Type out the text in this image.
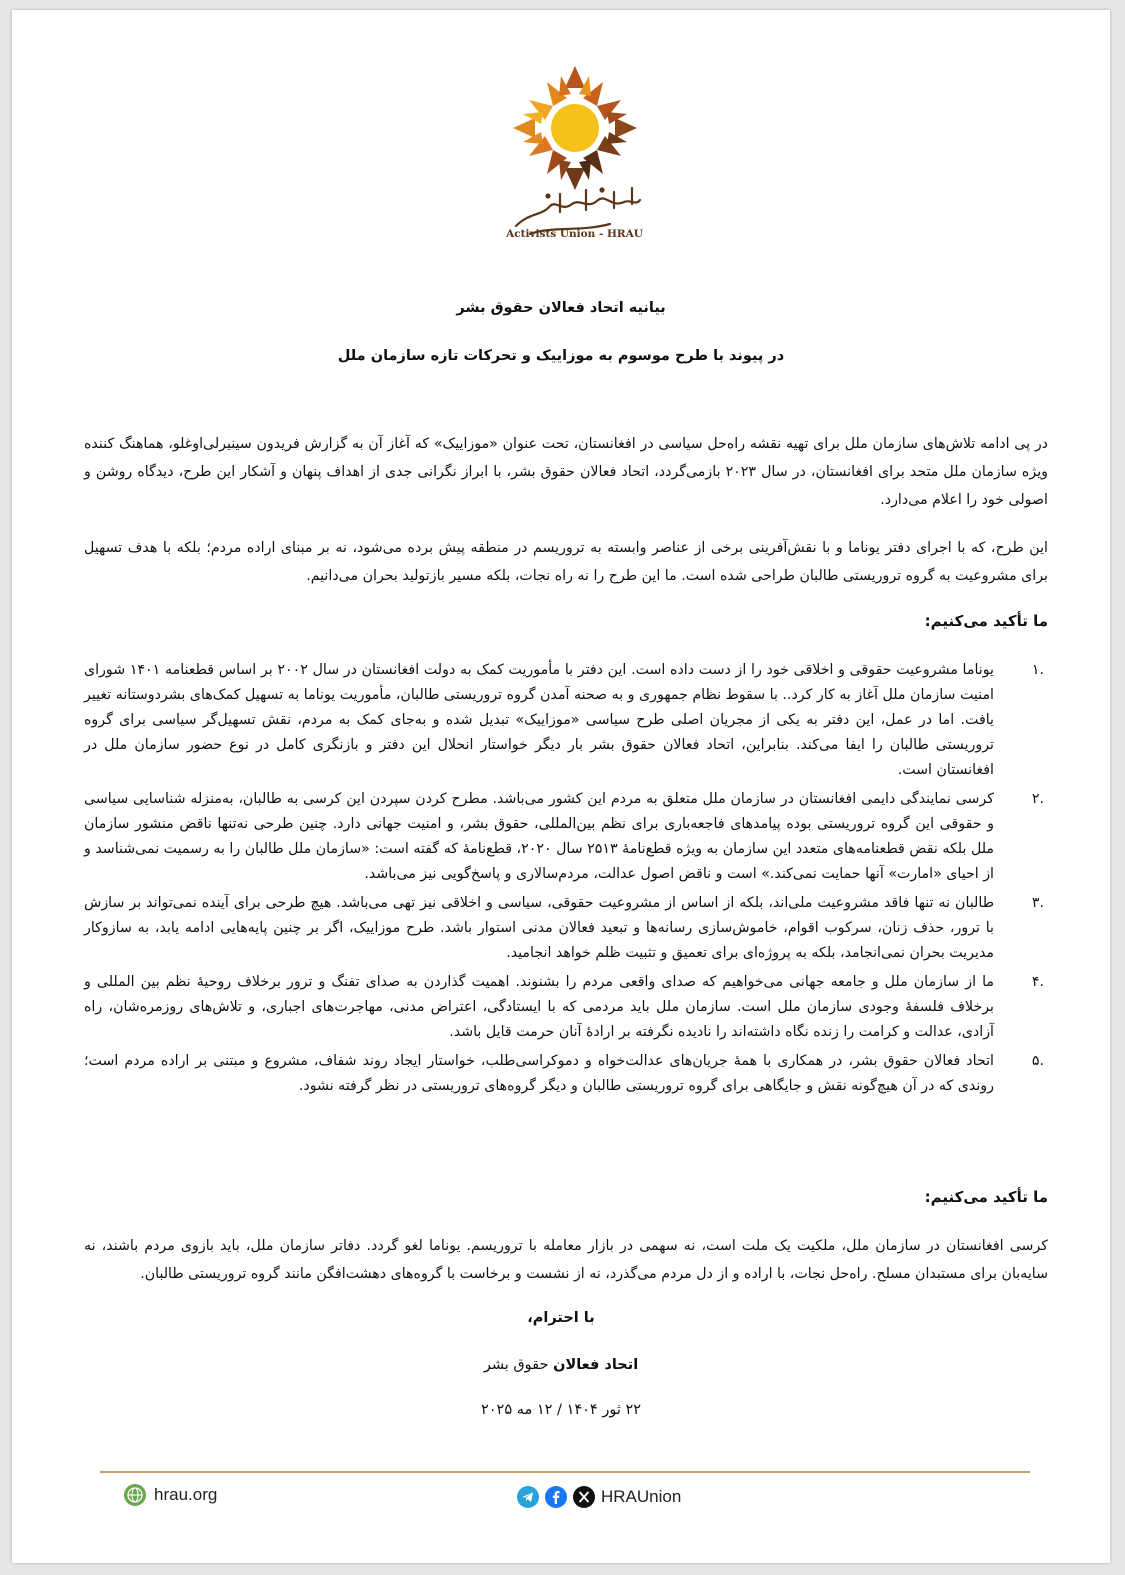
Activists Union - HRAU
بیانیه اتحاد فعالان حقوق بشر
در پیوند با طرح موسوم به موزاییک و تحرکات تازه سازمان ملل

در پی ادامه تلاش‌های سازمان ملل برای تهیه نقشه راه‌حل سیاسی در افغانستان، تحت عنوان «موزاییک» که آغاز آن به گزارش فریدون سینیرلی‌اوغلو، هماهنگ کننده ویژه سازمان ملل متحد برای افغانستان، در سال ۲۰۲۳ بازمی‌گردد، اتحاد فعالان حقوق بشر، با ابراز نگرانی جدی از اهداف پنهان و آشکار این طرح، دیدگاه روشن و اصولی خود را اعلام می‌دارد.

این طرح، که با اجرای دفتر یوناما و با نقش‌آفرینی برخی از عناصر وابسته به تروریسم در منطقه پیش برده می‌شود، نه بر مبنای اراده مردم؛ بلکه با هدف تسهیل برای مشروعیت به گروه تروریستی طالبان طراحی شده است. ما این طرح را نه راه نجات، بلکه مسیر بازتولید بحران می‌دانیم.

ما تأکید می‌کنیم:
۱.
یوناما مشروعیت حقوقی و اخلاقی خود را از دست داده است. این دفتر با مأموریت کمک به دولت افغانستان در سال ۲۰۰۲ بر اساس قطعنامه ۱۴۰۱ شورای امنیت سازمان ملل آغاز به کار کرد.. با سقوط نظام جمهوری و به صحنه آمدن گروه تروریستی طالبان، مأموریت یوناما به تسهیل کمک‌های بشردوستانه تغییر یافت. اما در عمل، این دفتر به یکی از مجریان اصلی طرح سیاسی «موزاییک» تبدیل شده و به‌جای کمک به مردم، نقش تسهیل‌گر سیاسی برای گروه تروریستی طالبان را ایفا می‌کند. بنابراین، اتحاد فعالان حقوق بشر بار دیگر خواستار انحلال این دفتر و بازنگری کامل در نوع حضور سازمان ملل در افغانستان است.
۲.
کرسی نمایندگی دایمی افغانستان در سازمان ملل متعلق به مردم این کشور می‌باشد. مطرح کردن سپردن این کرسی به طالبان، به‌منزله شناسایی سیاسی و حقوقی این گروه تروریستی بوده پیامدهای فاجعه‌باری برای نظم بین‌المللی، حقوق بشر، و امنیت جهانی دارد. چنین طرحی نه‌تنها ناقض منشور سازمان ملل بلکه نقض قطعنامه‌های متعدد این سازمان به ویژه قطع‌نامهٔ ۲۵۱۳ سال ۲۰۲۰، قطع‌نامهٔ که گفته است: «سازمان ملل طالبان را به رسمیت نمی‌شناسد و از احیای «امارت» آنها حمایت نمی‌کند.» است و ناقض اصول عدالت، مردم‌سالاری و پاسخ‌گویی نیز می‌باشد.
۳.
طالبان نه تنها فاقد مشروعیت ملی‌اند، بلکه از اساس از مشروعیت حقوقی، سیاسی و اخلاقی نیز تهی می‌باشد. هیچ طرحی برای آینده نمی‌تواند بر سازش با ترور، حذف زنان، سرکوب اقوام، خاموش‌سازی رسانه‌ها و تبعید فعالان مدنی استوار باشد. طرح موزاییک، اگر بر چنین پایه‌هایی ادامه یابد، به سازوکار مدیریت بحران نمی‌انجامد، بلکه به پروژه‌ای برای تعمیق و تثبیت ظلم خواهد انجامید.
۴.
ما از سازمان ملل و جامعه جهانی می‌خواهیم که صدای واقعی مردم را بشنوند. اهمیت گذاردن به صدای تفنگ و ترور برخلاف روحیهٔ نظم بین المللی و برخلاف فلسفهٔ وجودی سازمان ملل است. سازمان ملل باید مردمی که با ایستادگی، اعتراض مدنی، مهاجرت‌های اجباری، و تلاش‌های روزمره‌شان، راه آزادی، عدالت و کرامت را زنده نگاه داشته‌اند را نادیده نگرفته بر ارادهٔ آنان حرمت قایل باشد.
۵.
اتحاد فعالان حقوق بشر، در همکاری با همهٔ جریان‌های عدالت‌خواه و دموکراسی‌طلب، خواستار ایجاد روند شفاف، مشروع و مبتنی بر اراده مردم است؛ روندی که در آن هیچ‌گونه نقش و جایگاهی برای گروه تروریستی طالبان و دیگر گروه‌های تروریستی در نظر گرفته نشود.
ما تأکید می‌کنیم:

کرسی افغانستان در سازمان ملل، ملکیت یک ملت است، نه سهمی در بازار معامله با تروریسم. یوناما لغو گردد. دفاتر سازمان ملل، باید بازوی مردم باشند، نه سایه‌بان برای مستبدان مسلح. راه‌حل نجات، با اراده و از دل مردم می‌گذرد، نه از نشست و برخاست با گروه‌های دهشت‌افگن مانند گروه تروریستی طالبان.

با احترام،
اتحاد فعالان حقوق بشر
۲۲ ثور ۱۴۰۴ / ۱۲ مه ۲۰۲۵
hrau.org	HRAUnion
